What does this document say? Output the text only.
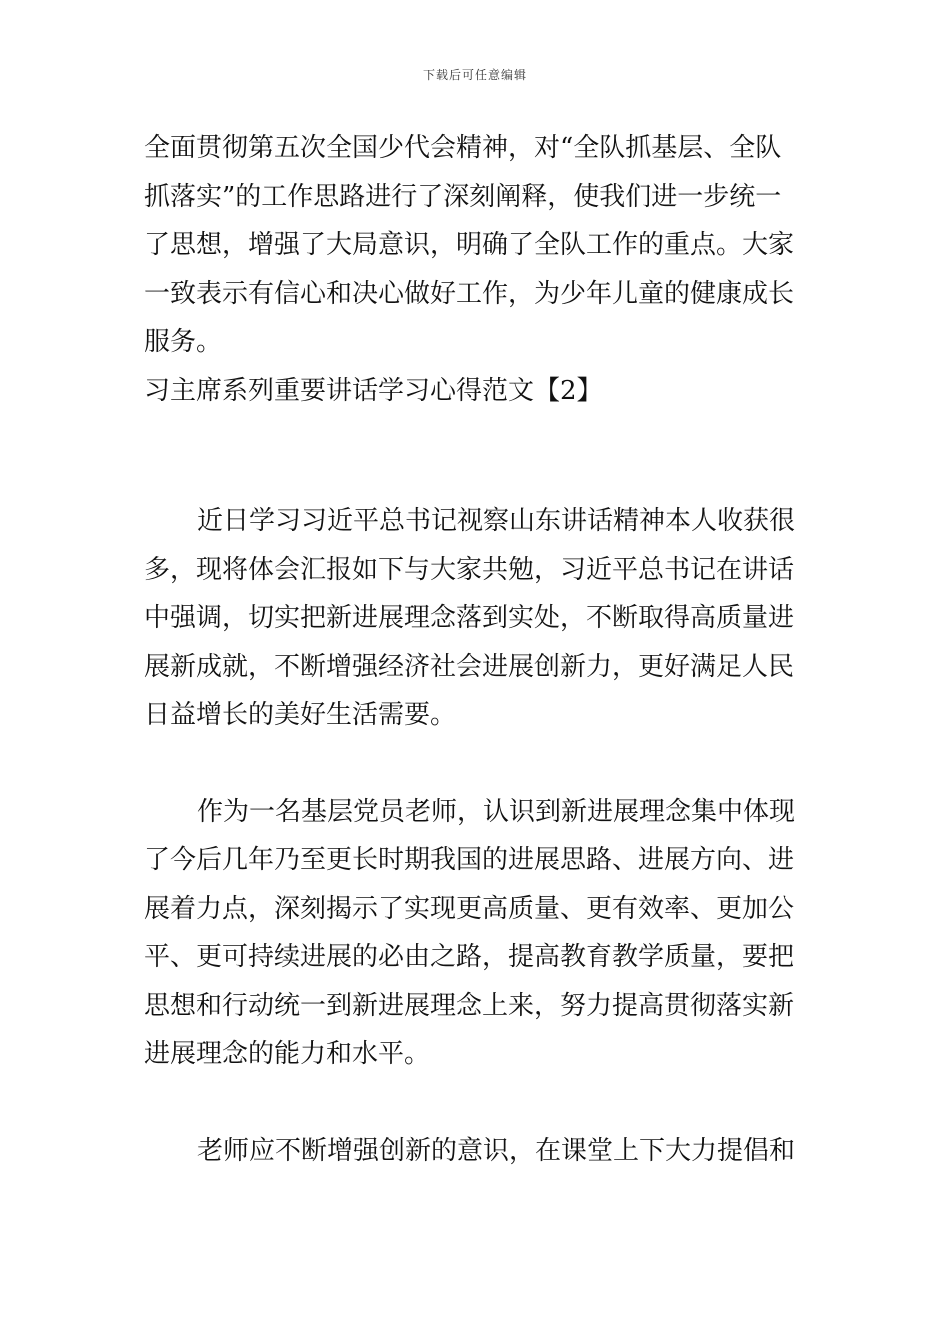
下载后可任意编辑
全面贯彻第五次全国少代会精神，对“全队抓基层、全队
抓落实”的工作思路进行了深刻阐释，使我们进一步统一
了思想，增强了大局意识，明确了全队工作的重点。大家
一致表示有信心和决心做好工作，为少年儿童的健康成长
服务。
习主席系列重要讲话学习心得范文【2】
近日学习习近平总书记视察山东讲话精神本人收获很
多，现将体会汇报如下与大家共勉，习近平总书记在讲话
中强调，切实把新进展理念落到实处，不断取得高质量进
展新成就，不断增强经济社会进展创新力，更好满足人民
日益增长的美好生活需要。
作为一名基层党员老师，认识到新进展理念集中体现
了今后几年乃至更长时期我国的进展思路、进展方向、进
展着力点，深刻揭示了实现更高质量、更有效率、更加公
平、更可持续进展的必由之路，提高教育教学质量，要把
思想和行动统一到新进展理念上来，努力提高贯彻落实新
进展理念的能力和水平。
老师应不断增强创新的意识，在课堂上下大力提倡和
